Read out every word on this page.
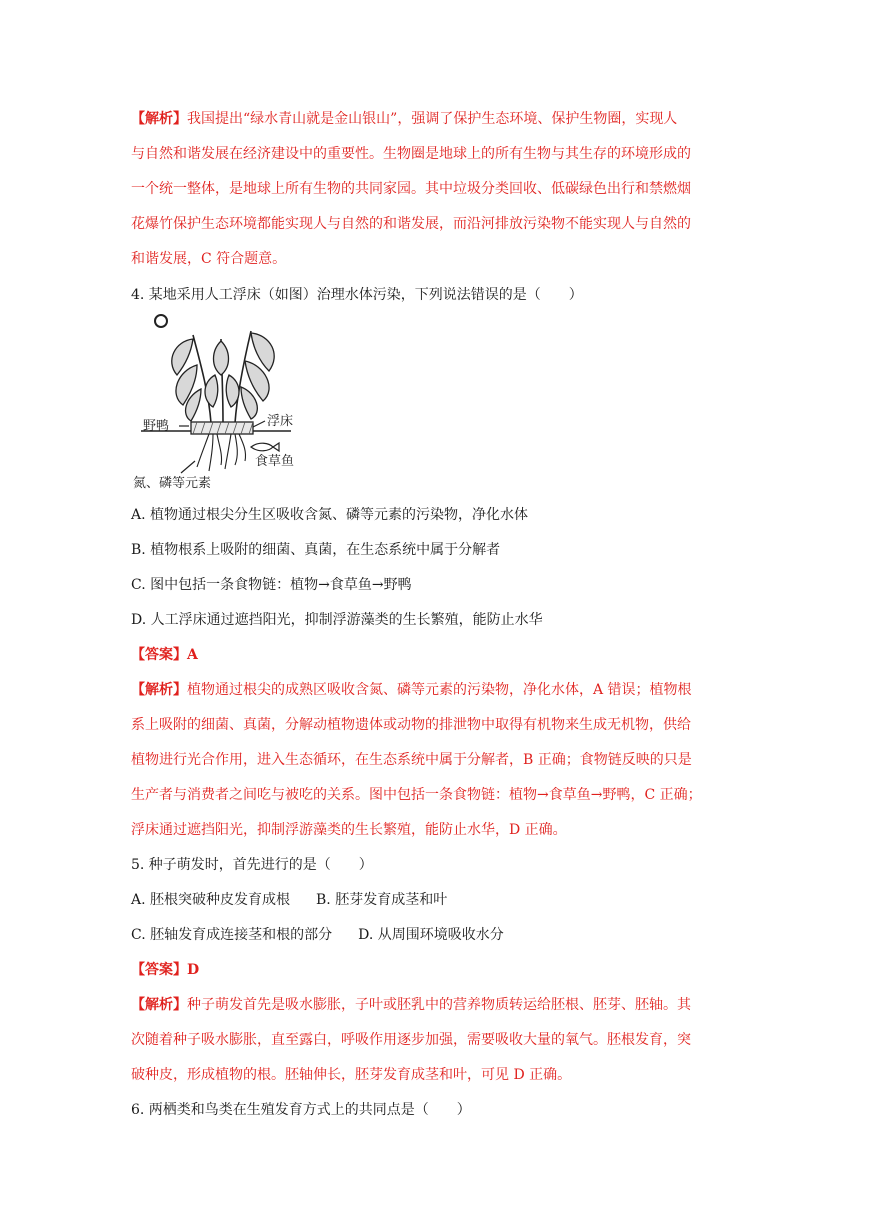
【解析】我国提出“绿水青山就是金山银山”，强调了保护生态环境、保护生物圈，实现人
与自然和谐发展在经济建设中的重要性。生物圈是地球上的所有生物与其生存的环境形成的
一个统一整体，是地球上所有生物的共同家园。其中垃圾分类回收、低碳绿色出行和禁燃烟
花爆竹保护生态环境都能实现人与自然的和谐发展，而沿河排放污染物不能实现人与自然的
和谐发展，C 符合题意。
4. 某地采用人工浮床（如图）治理水体污染，下列说法错误的是（　　）
野鸭	浮床
食草鱼
氮、磷等元素
A. 植物通过根尖分生区吸收含氮、磷等元素的污染物，净化水体
B. 植物根系上吸附的细菌、真菌，在生态系统中属于分解者
C. 图中包括一条食物链：植物→食草鱼→野鸭
D. 人工浮床通过遮挡阳光，抑制浮游藻类的生长繁殖，能防止水华
【答案】A
【解析】植物通过根尖的成熟区吸收含氮、磷等元素的污染物，净化水体，A 错误；植物根
系上吸附的细菌、真菌，分解动植物遗体或动物的排泄物中取得有机物来生成无机物，供给
植物进行光合作用，进入生态循环，在生态系统中属于分解者，B 正确；食物链反映的只是
生产者与消费者之间吃与被吃的关系。图中包括一条食物链：植物→食草鱼→野鸭，C 正确；
浮床通过遮挡阳光，抑制浮游藻类的生长繁殖，能防止水华，D 正确。
5. 种子萌发时，首先进行的是（　　）
A. 胚根突破种皮发育成根 B. 胚芽发育成茎和叶
C. 胚轴发育成连接茎和根的部分 D. 从周围环境吸收水分
【答案】D
【解析】种子萌发首先是吸水膨胀，子叶或胚乳中的营养物质转运给胚根、胚芽、胚轴。其
次随着种子吸水膨胀，直至露白，呼吸作用逐步加强，需要吸收大量的氧气。胚根发育，突
破种皮，形成植物的根。胚轴伸长，胚芽发育成茎和叶，可见 D 正确。
6. 两栖类和鸟类在生殖发育方式上的共同点是（　　）
